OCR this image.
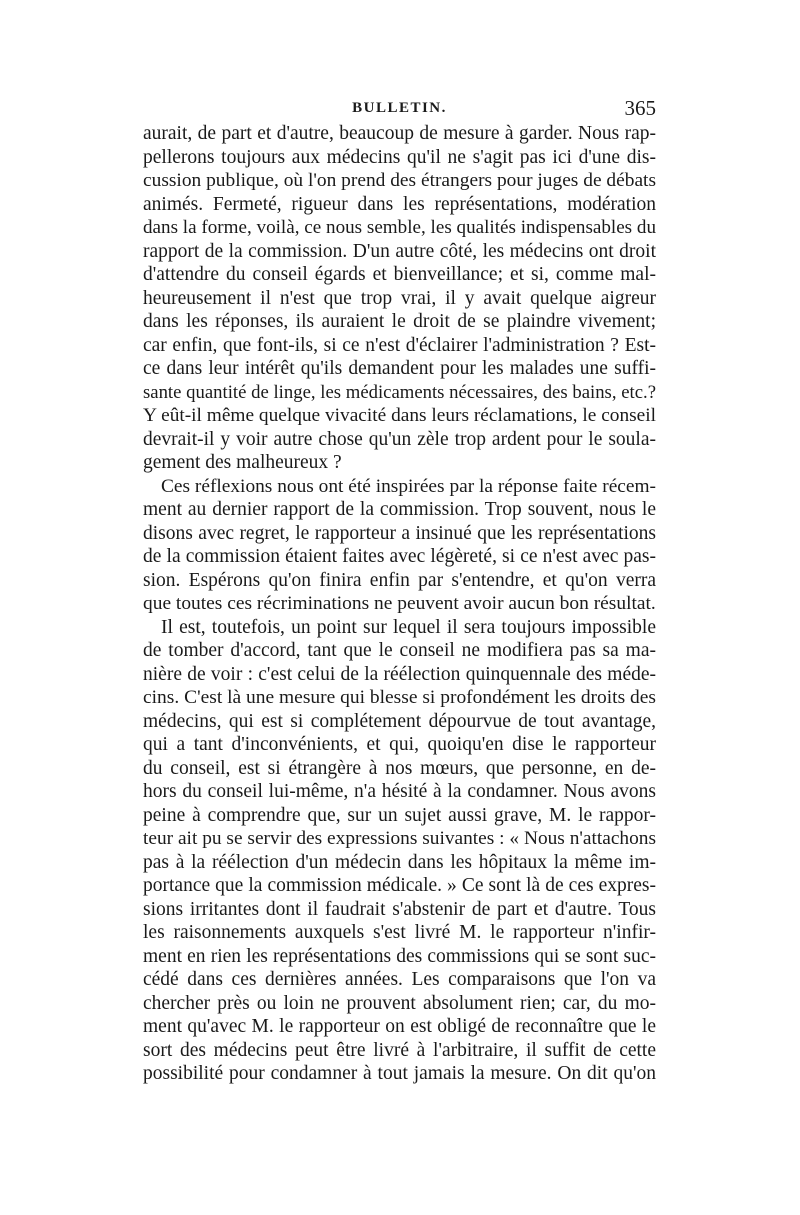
BULLETIN.	365
aurait, de part et d'autre, beaucoup de mesure à garder. Nous rap-
pellerons toujours aux médecins qu'il ne s'agit pas ici d'une dis-
cussion publique, où l'on prend des étrangers pour juges de débats
animés. Fermeté, rigueur dans les représentations, modération
dans la forme, voilà, ce nous semble, les qualités indispensables du
rapport de la commission. D'un autre côté, les médecins ont droit
d'attendre du conseil égards et bienveillance; et si, comme mal-
heureusement il n'est que trop vrai, il y avait quelque aigreur
dans les réponses, ils auraient le droit de se plaindre vivement;
car enfin, que font-ils, si ce n'est d'éclairer l'administration ? Est-
ce dans leur intérêt qu'ils demandent pour les malades une suffi-
sante quantité de linge, les médicaments nécessaires, des bains, etc.?
Y eût-il même quelque vivacité dans leurs réclamations, le conseil
devrait-il y voir autre chose qu'un zèle trop ardent pour le soula-
gement des malheureux ?
Ces réflexions nous ont été inspirées par la réponse faite récem-
ment au dernier rapport de la commission. Trop souvent, nous le
disons avec regret, le rapporteur a insinué que les représentations
de la commission étaient faites avec légèreté, si ce n'est avec pas-
sion. Espérons qu'on finira enfin par s'entendre, et qu'on verra
que toutes ces récriminations ne peuvent avoir aucun bon résultat.
Il est, toutefois, un point sur lequel il sera toujours impossible
de tomber d'accord, tant que le conseil ne modifiera pas sa ma-
nière de voir : c'est celui de la réélection quinquennale des méde-
cins. C'est là une mesure qui blesse si profondément les droits des
médecins, qui est si complétement dépourvue de tout avantage,
qui a tant d'inconvénients, et qui, quoiqu'en dise le rapporteur
du conseil, est si étrangère à nos mœurs, que personne, en de-
hors du conseil lui-même, n'a hésité à la condamner. Nous avons
peine à comprendre que, sur un sujet aussi grave, M. le rappor-
teur ait pu se servir des expressions suivantes : « Nous n'attachons
pas à la réélection d'un médecin dans les hôpitaux la même im-
portance que la commission médicale. » Ce sont là de ces expres-
sions irritantes dont il faudrait s'abstenir de part et d'autre. Tous
les raisonnements auxquels s'est livré M. le rapporteur n'infir-
ment en rien les représentations des commissions qui se sont suc-
cédé dans ces dernières années. Les comparaisons que l'on va
chercher près ou loin ne prouvent absolument rien; car, du mo-
ment qu'avec M. le rapporteur on est obligé de reconnaître que le
sort des médecins peut être livré à l'arbitraire, il suffit de cette
possibilité pour condamner à tout jamais la mesure. On dit qu'on
